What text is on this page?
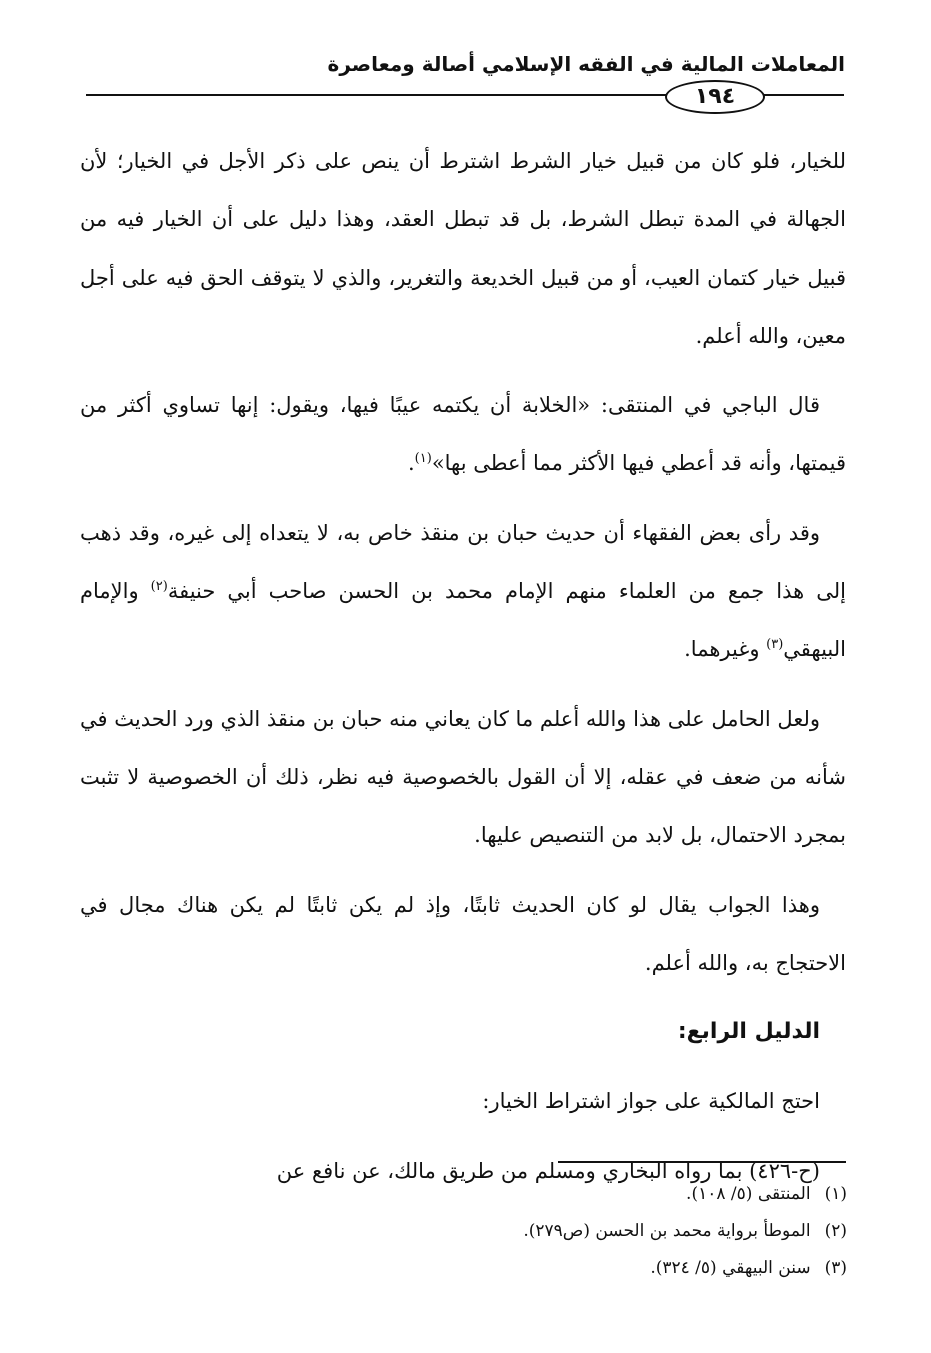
المعاملات المالية في الفقه الإسلامي أصالة ومعاصرة
١٩٤

للخيار، فلو كان من قبيل خيار الشرط اشترط أن ينص على ذكر الأجل في الخيار؛ لأن الجهالة في المدة تبطل الشرط، بل قد تبطل العقد، وهذا دليل على أن الخيار فيه من قبيل خيار كتمان العيب، أو من قبيل الخديعة والتغرير، والذي لا يتوقف الحق فيه على أجل معين، والله أعلم.

قال الباجي في المنتقى: «الخلابة أن يكتمه عيبًا فيها، ويقول: إنها تساوي أكثر من قيمتها، وأنه قد أعطي فيها الأكثر مما أعطى بها»$^{(١)}$.

وقد رأى بعض الفقهاء أن حديث حبان بن منقذ خاص به، لا يتعداه إلى غيره، وقد ذهب إلى هذا جمع من العلماء منهم الإمام محمد بن الحسن صاحب أبي حنيفة$^{(٢)}$ والإمام البيهقي$^{(٣)}$ وغيرهما.

ولعل الحامل على هذا والله أعلم ما كان يعاني منه حبان بن منقذ الذي ورد الحديث في شأنه من ضعف في عقله، إلا أن القول بالخصوصية فيه نظر، ذلك أن الخصوصية لا تثبت بمجرد الاحتمال، بل لابد من التنصيص عليها.

وهذا الجواب يقال لو كان الحديث ثابتًا، وإذ لم يكن ثابتًا لم يكن هناك مجال في الاحتجاج به، والله أعلم.

الدليل الرابع:

احتج المالكية على جواز اشتراط الخيار:

(ح-٤٢٦) بما رواه البخاري ومسلم من طريق مالك، عن نافع عن

(١)المنتقى (٥/ ١٠٨).
(٢)الموطأ برواية محمد بن الحسن (ص٢٧٩).
(٣)سنن البيهقي (٥/ ٣٢٤).
